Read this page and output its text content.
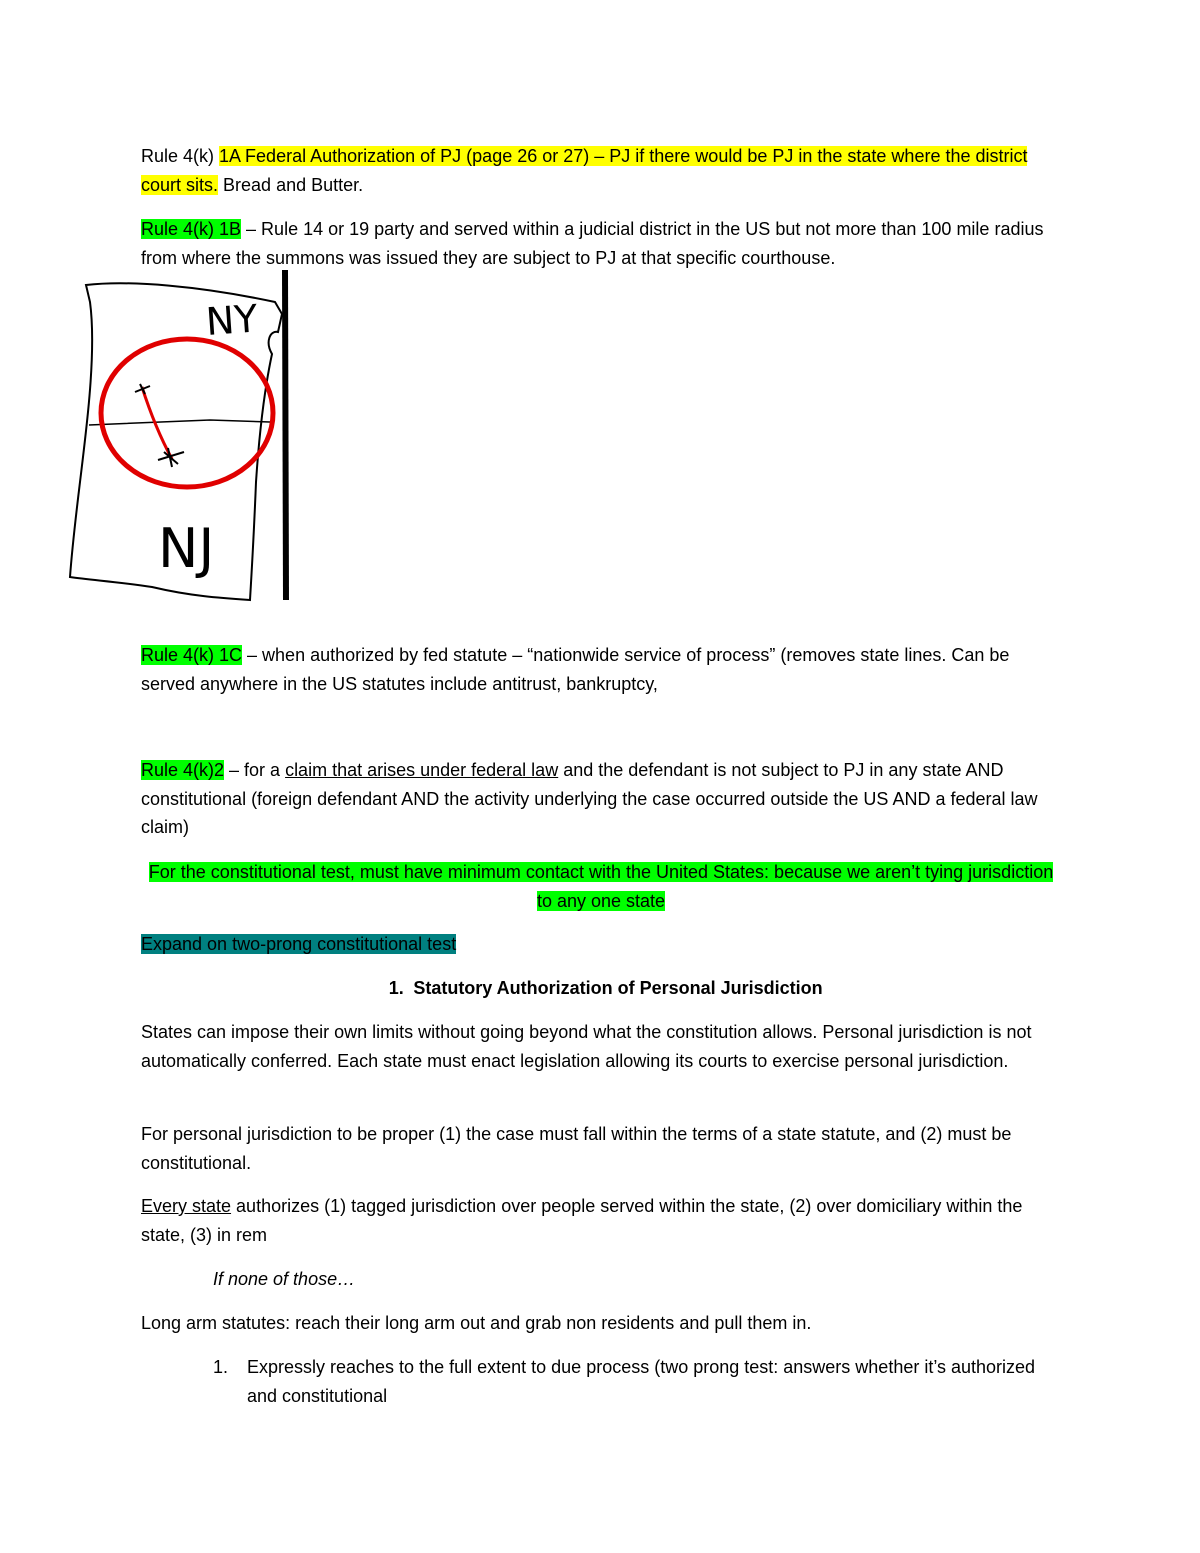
Rule 4(k) 1A Federal Authorization of PJ (page 26 or 27) – PJ if there would be PJ in the state where the district court sits. Bread and Butter.
Rule 4(k) 1B – Rule 14 or 19 party and served within a judicial district in the US but not more than 100 mile radius from where the summons was issued they are subject to PJ at that specific courthouse.
NY
NJ
Rule 4(k) 1C – when authorized by fed statute – “nationwide service of process” (removes state lines. Can be served anywhere in the US statutes include antitrust, bankruptcy,
Rule 4(k)2 – for a claim that arises under federal law and the defendant is not subject to PJ in any state AND constitutional (foreign defendant AND the activity underlying the case occurred outside the US AND a federal law claim)
For the constitutional test, must have minimum contact with the United States: because we aren’t tying jurisdiction to any one state
Expand on two-prong constitutional test
1. Statutory Authorization of Personal Jurisdiction
States can impose their own limits without going beyond what the constitution allows. Personal jurisdiction is not automatically conferred. Each state must enact legislation allowing its courts to exercise personal jurisdiction.
For personal jurisdiction to be proper (1) the case must fall within the terms of a state statute, and (2) must be constitutional.
Every state authorizes (1) tagged jurisdiction over people served within the state, (2) over domiciliary within the state, (3) in rem
If none of those…
Long arm statutes: reach their long arm out and grab non residents and pull them in.
1.	Expressly reaches to the full extent to due process (two prong test: answers whether it’s authorized and constitutional
